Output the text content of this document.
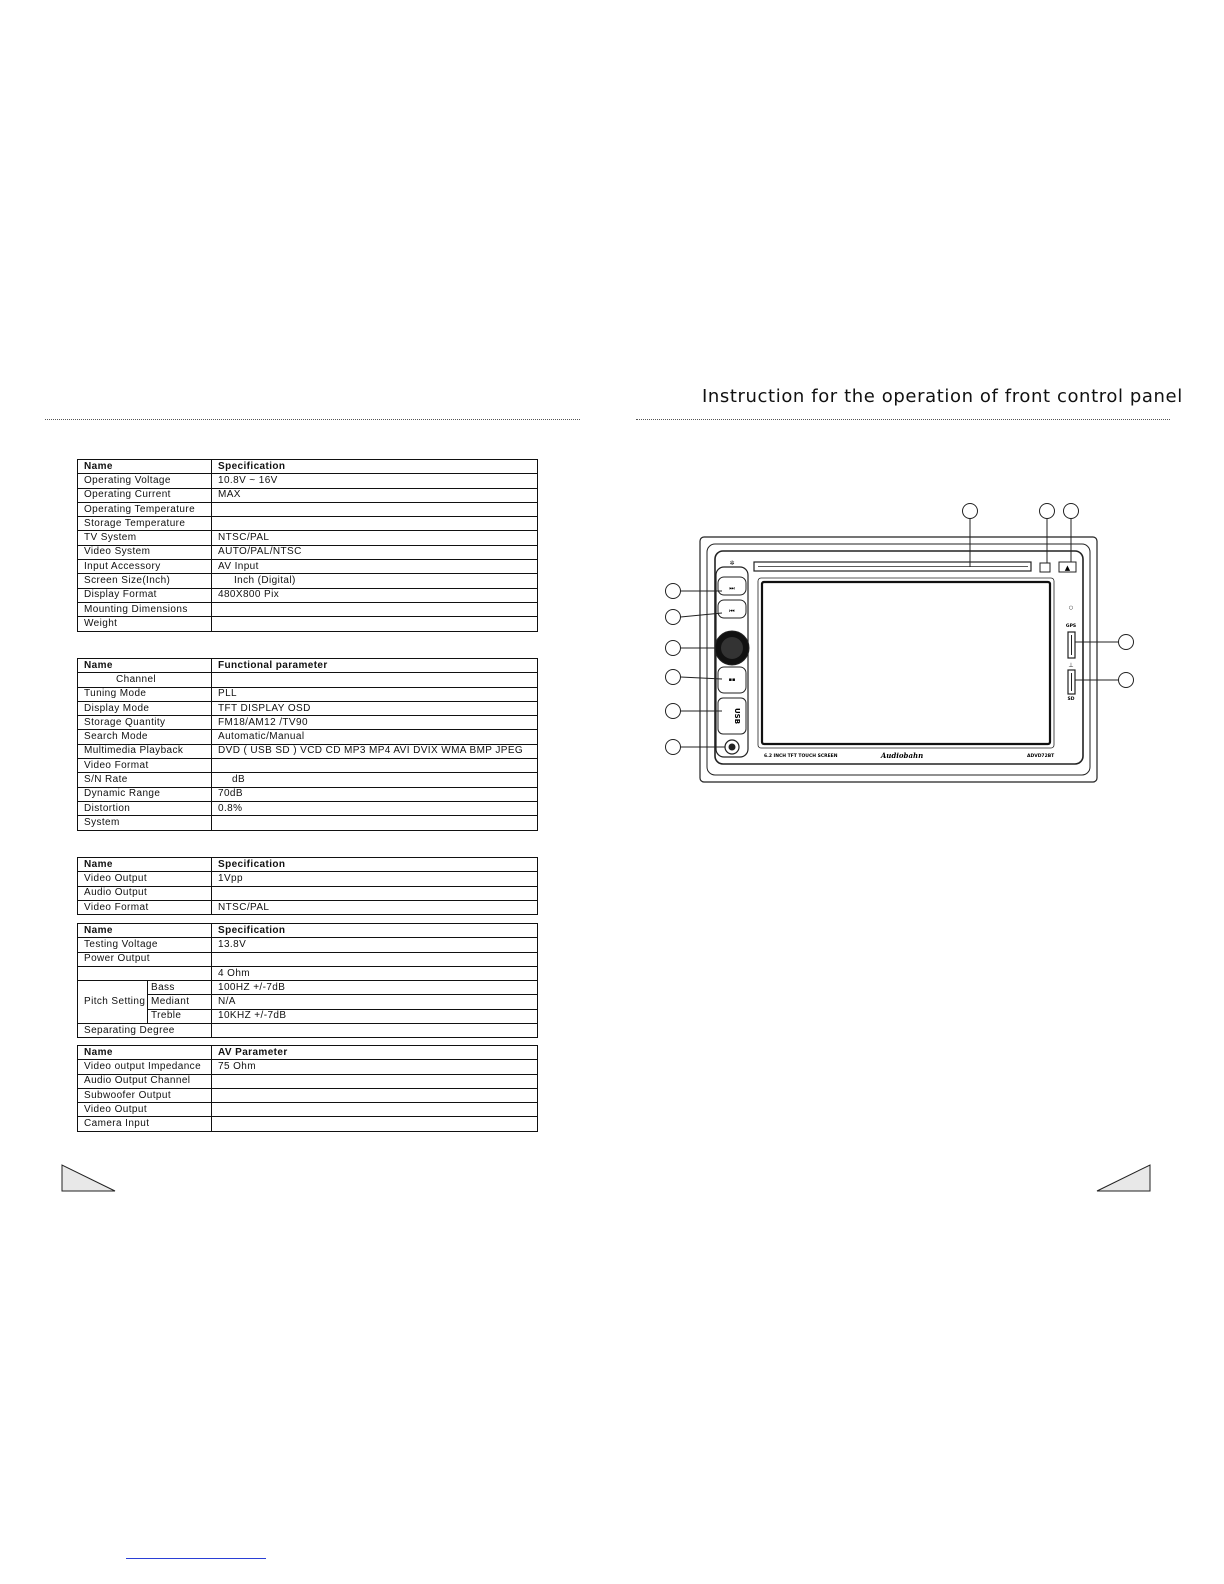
Instruction for the operation of front control panel
Name	Specification
Operating Voltage	10.8V ~ 16V
Operating Current	MAX
Operating Temperature	
Storage Temperature	
TV System	NTSC/PAL
Video System	AUTO/PAL/NTSC
Input Accessory	AV Input
Screen Size(Inch)	Inch (Digital)
Display Format	480X800 Pix
Mounting Dimensions	
Weight	
Name	Functional parameter
Channel	
Tuning Mode	PLL
Display Mode	TFT DISPLAY OSD
Storage Quantity	FM18/AM12 /TV90
Search Mode	Automatic/Manual
Multimedia Playback	DVD ( USB SD ) VCD CD MP3 MP4 AVI DVIX WMA BMP JPEG
Video Format	
S/N Rate	dB
Dynamic Range	70dB
Distortion	0.8%
System	
Name	Specification
Video Output	1Vpp
Audio Output	
Video Format	NTSC/PAL
Name		Specification
Testing Voltage		13.8V
Power Output		
		4 Ohm
Pitch Setting	Bass	100HZ +/-7dB
	Mediant	N/A
	Treble	10KHZ +/-7dB
Separating Degree		
Name	AV Parameter
Video output Impedance	75 Ohm
Audio Output Channel	
Subwoofer Output	
Video Output	
Camera Input	
▲
✲
⏭
⏮
▪▪
USB
○
GPS
⊥
SD
6.2 INCH TFT TOUCH SCREEN	Audiobahn	ADVD72BT
